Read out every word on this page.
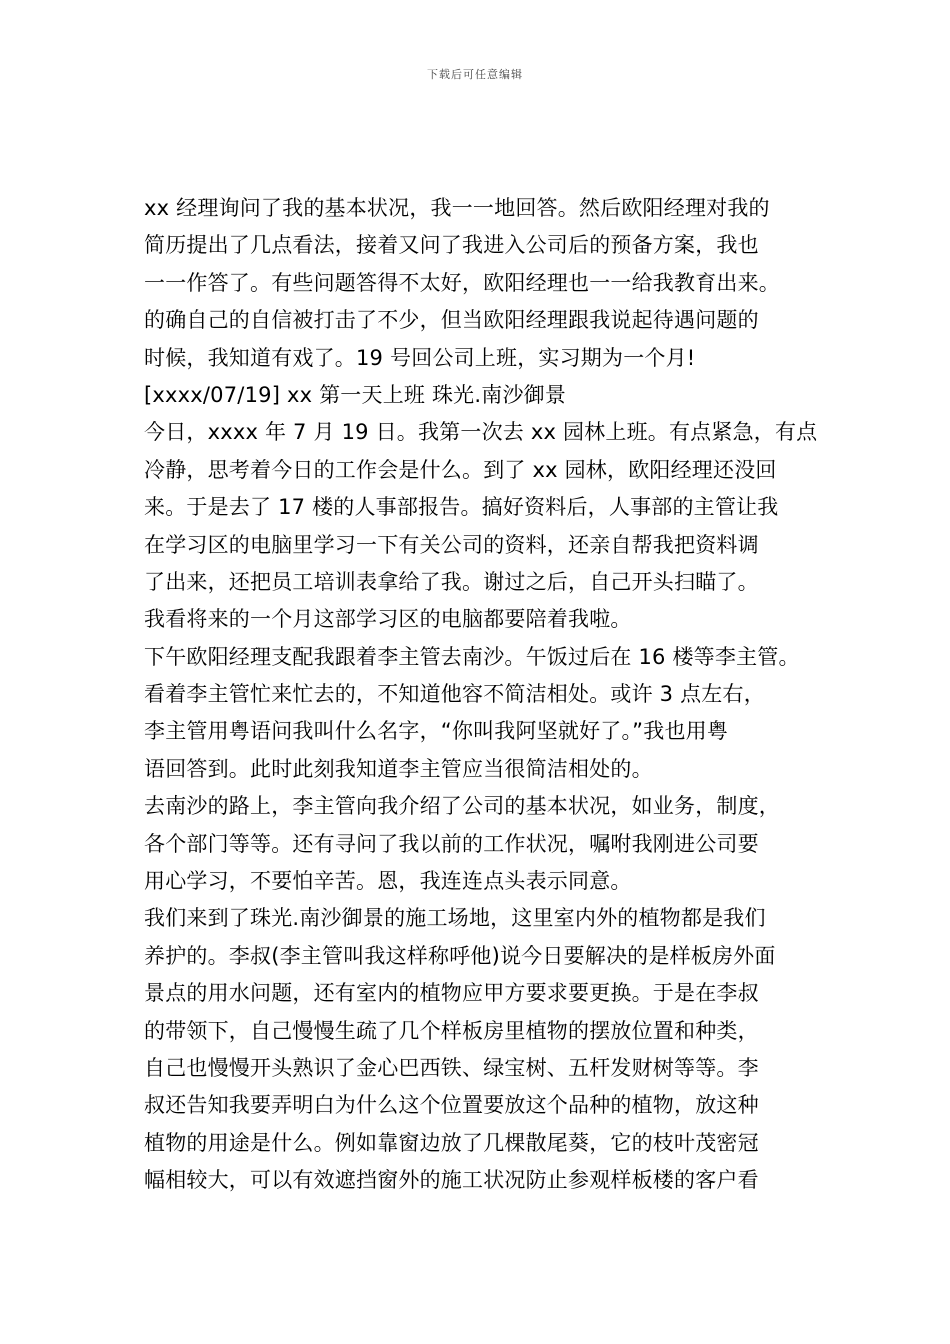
下载后可任意编辑
xx 经理询问了我的基本状况，我一一地回答。然后欧阳经理对我的
简历提出了几点看法，接着又问了我进入公司后的预备方案，我也
一一作答了。有些问题答得不太好，欧阳经理也一一给我教育出来。
的确自己的自信被打击了不少，但当欧阳经理跟我说起待遇问题的
时候，我知道有戏了。19 号回公司上班，实习期为一个月!
[xxxx/07/19] xx 第一天上班 珠光.南沙御景
今日，xxxx 年 7 月 19 日。我第一次去 xx 园林上班。有点紧急，有点
冷静，思考着今日的工作会是什么。到了 xx 园林，欧阳经理还没回
来。于是去了 17 楼的人事部报告。搞好资料后，人事部的主管让我
在学习区的电脑里学习一下有关公司的资料，还亲自帮我把资料调
了出来，还把员工培训表拿给了我。谢过之后，自己开头扫瞄了。
我看将来的一个月这部学习区的电脑都要陪着我啦。
下午欧阳经理支配我跟着李主管去南沙。午饭过后在 16 楼等李主管。
看着李主管忙来忙去的，不知道他容不简洁相处。或许 3 点左右，
李主管用粤语问我叫什么名字，“你叫我阿坚就好了。”我也用粤
语回答到。此时此刻我知道李主管应当很简洁相处的。
去南沙的路上，李主管向我介绍了公司的基本状况，如业务，制度，
各个部门等等。还有寻问了我以前的工作状况，嘱咐我刚进公司要
用心学习，不要怕辛苦。恩，我连连点头表示同意。
我们来到了珠光.南沙御景的施工场地，这里室内外的植物都是我们
养护的。李叔(李主管叫我这样称呼他)说今日要解决的是样板房外面
景点的用水问题，还有室内的植物应甲方要求要更换。于是在李叔
的带领下，自己慢慢生疏了几个样板房里植物的摆放位置和种类，
自己也慢慢开头熟识了金心巴西铁、绿宝树、五杆发财树等等。李
叔还告知我要弄明白为什么这个位置要放这个品种的植物，放这种
植物的用途是什么。例如靠窗边放了几棵散尾葵，它的枝叶茂密冠
幅相较大，可以有效遮挡窗外的施工状况防止参观样板楼的客户看
